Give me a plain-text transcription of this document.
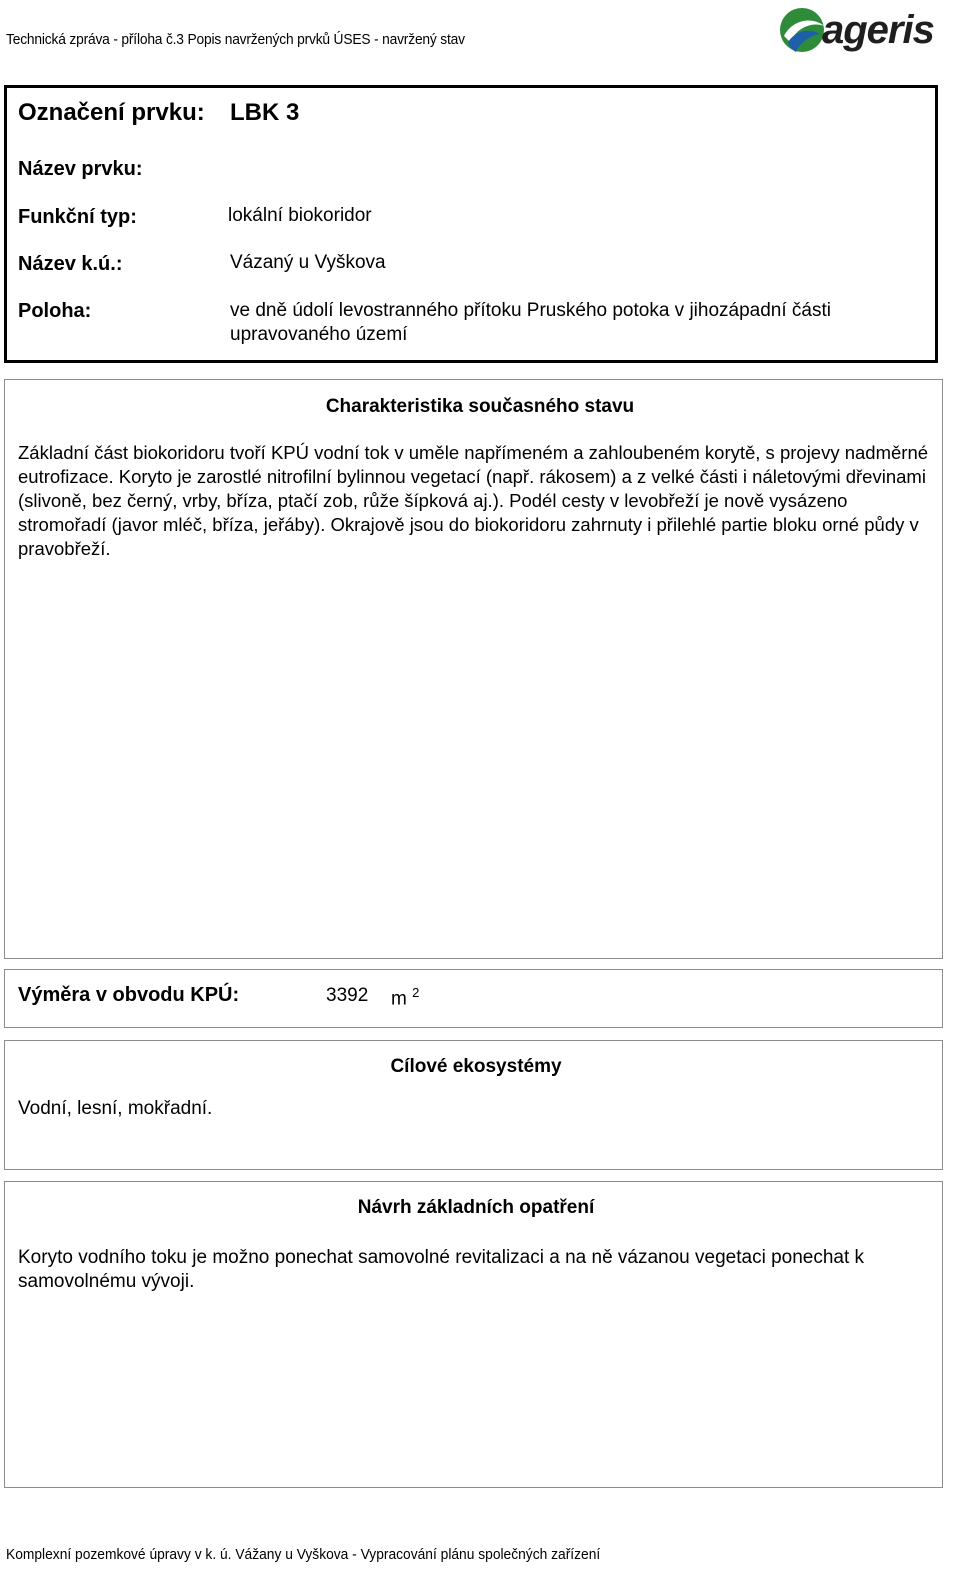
Technická zpráva - příloha č.3 Popis navržených prvků ÚSES - navržený stav	ageris
Označení prvku: LBK 3
Název prvku:
Funkční typ:	lokální biokoridor
Název k.ú.:	Vázaný u Vyškova
Poloha:	ve dně údolí levostranného přítoku Pruského potoka v jihozápadní části upravovaného území
Charakteristika současného stavu
Základní část biokoridoru tvoří KPÚ vodní tok v uměle napřímeném a zahloubeném korytě, s projevy nadměrné eutrofizace. Koryto je zarostlé nitrofilní bylinnou vegetací (např. rákosem) a z velké části i náletovými dřevinami (slivoně, bez černý, vrby, bříza, ptačí zob, růže šípková aj.). Podél cesty v levobřeží je nově vysázeno stromořadí (javor mléč, bříza, jeřáby). Okrajově jsou do biokoridoru zahrnuty i přilehlé partie bloku orné půdy v pravobřeží.
Výměra v obvodu KPÚ:	3392 m $^2$
Cílové ekosystémy
Vodní, lesní, mokřadní.
Návrh základních opatření
Koryto vodního toku je možno ponechat samovolné revitalizaci a na ně vázanou vegetaci ponechat k samovolnému vývoji.
Komplexní pozemkové úpravy v k. ú. Vážany u Vyškova - Vypracování plánu společných zařízení
